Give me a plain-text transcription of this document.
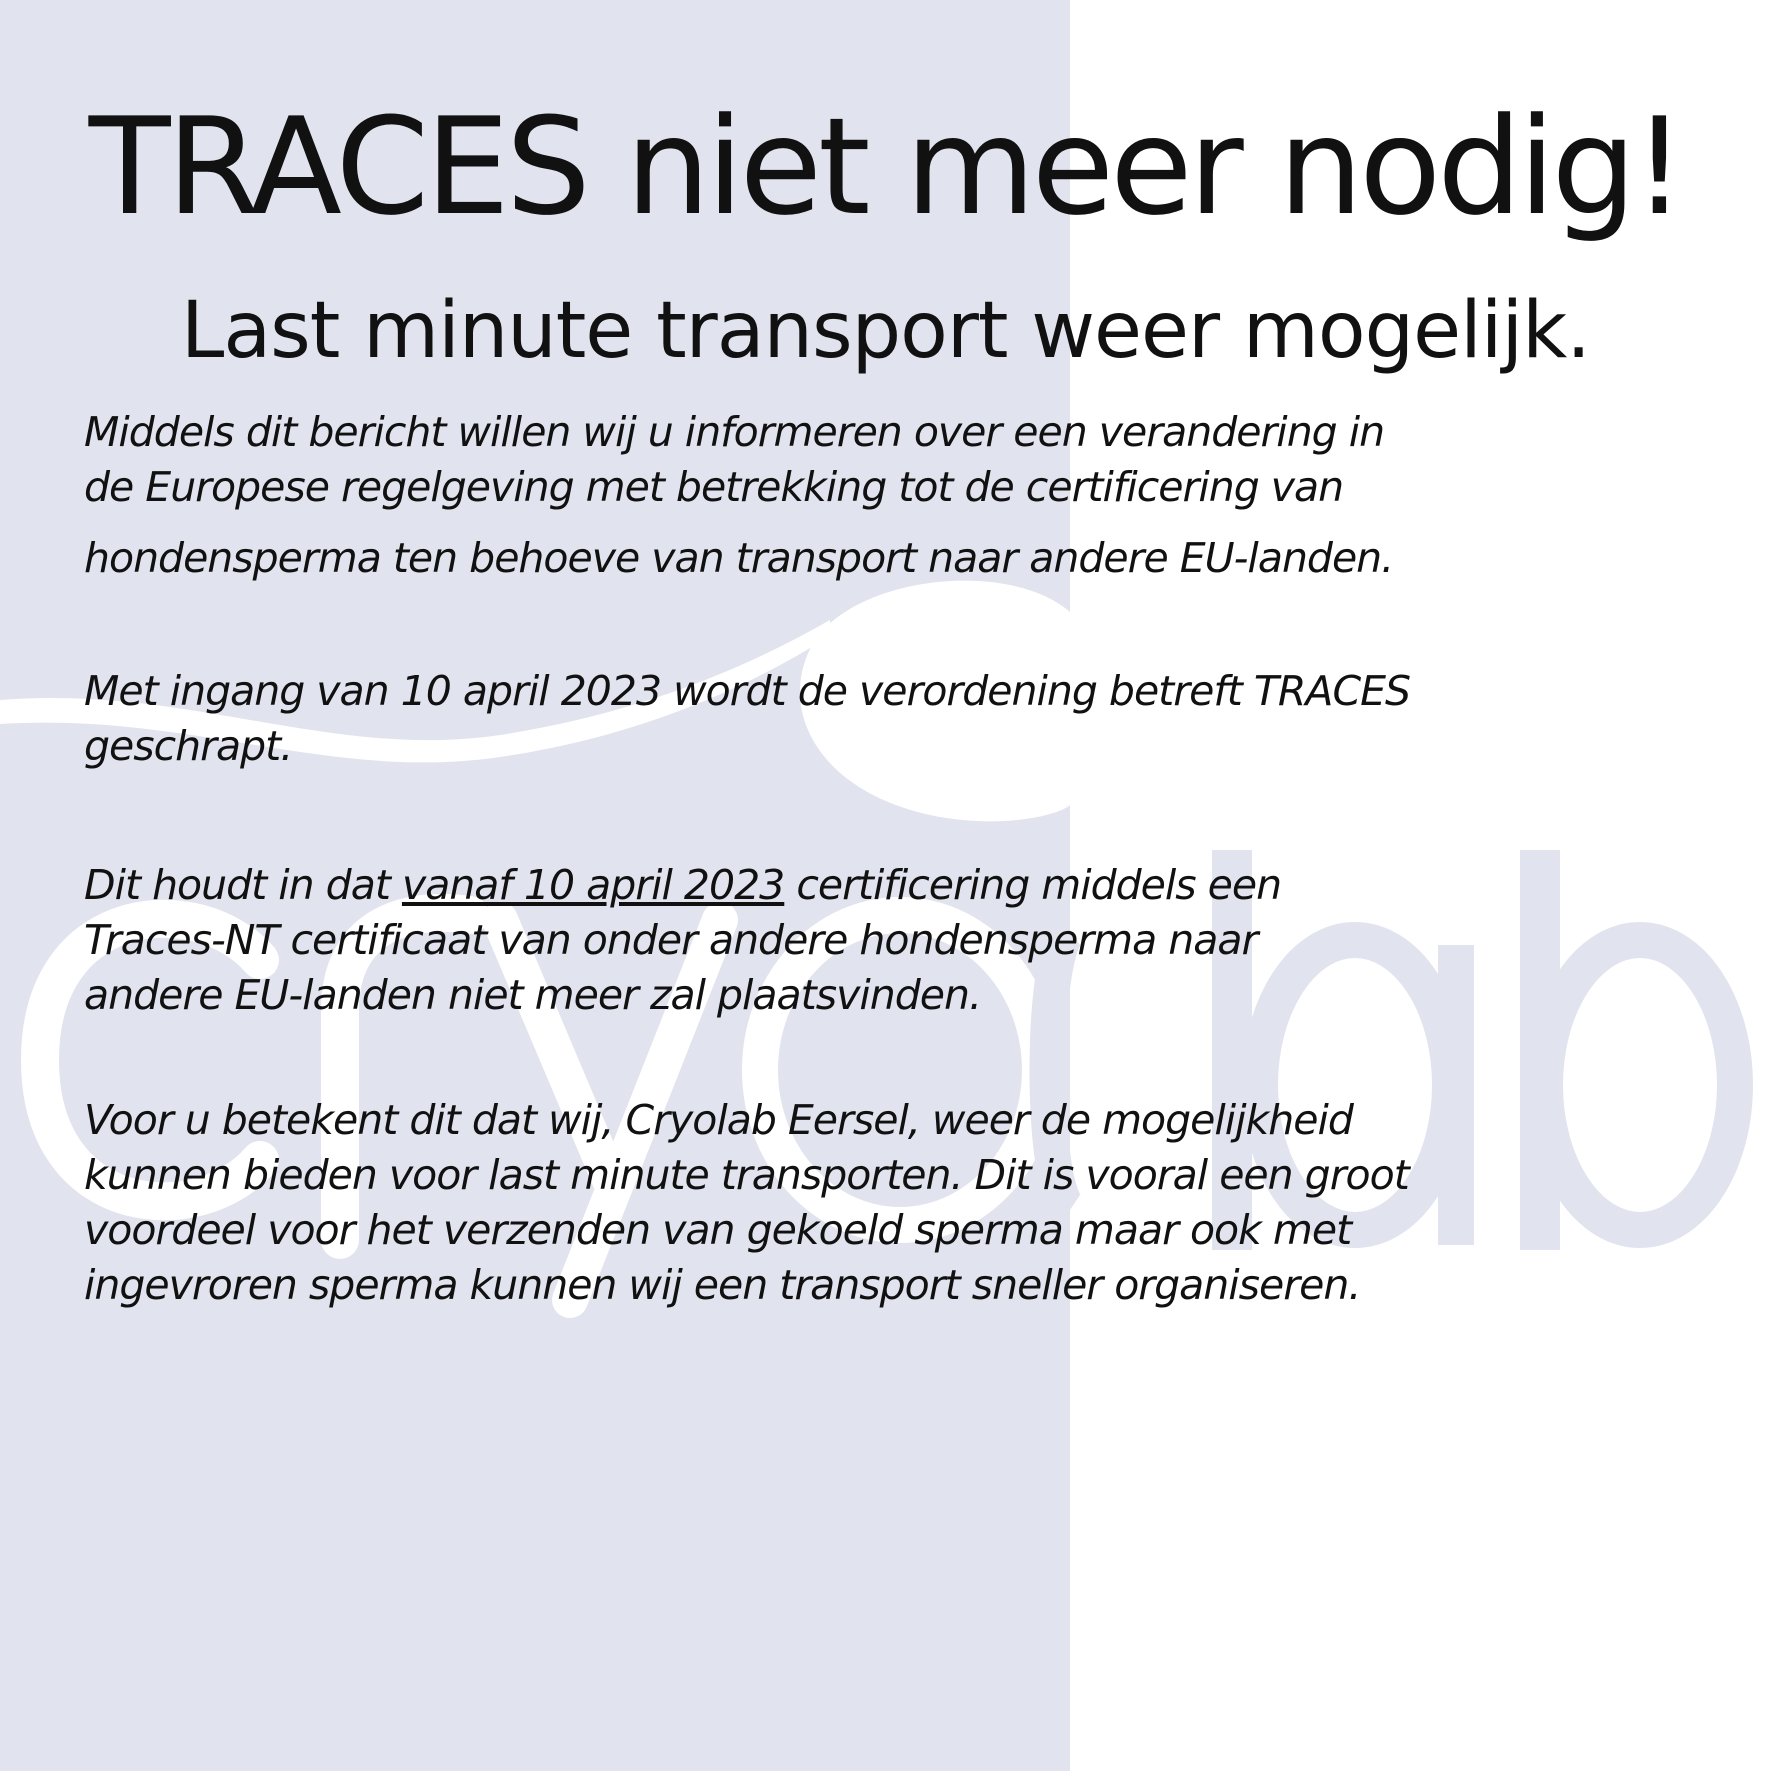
TRACES niet meer nodig!
Last minute transport weer mogelijk.

Middels dit bericht willen wij u informeren over een verandering in
de Europese regelgeving met betrekking tot de certificering van
hondensperma ten behoeve van transport naar andere EU-landen.

Met ingang van 10 april 2023 wordt de verordening betreft TRACES
geschrapt.

Dit houdt in dat vanaf 10 april 2023 certificering middels een
Traces-NT certificaat van onder andere hondensperma naar
andere EU-landen niet meer zal plaatsvinden.

Voor u betekent dit dat wij, Cryolab Eersel, weer de mogelijkheid
kunnen bieden voor last minute transporten. Dit is vooral een groot
voordeel voor het verzenden van gekoeld sperma maar ook met
ingevroren sperma kunnen wij een transport sneller organiseren.
